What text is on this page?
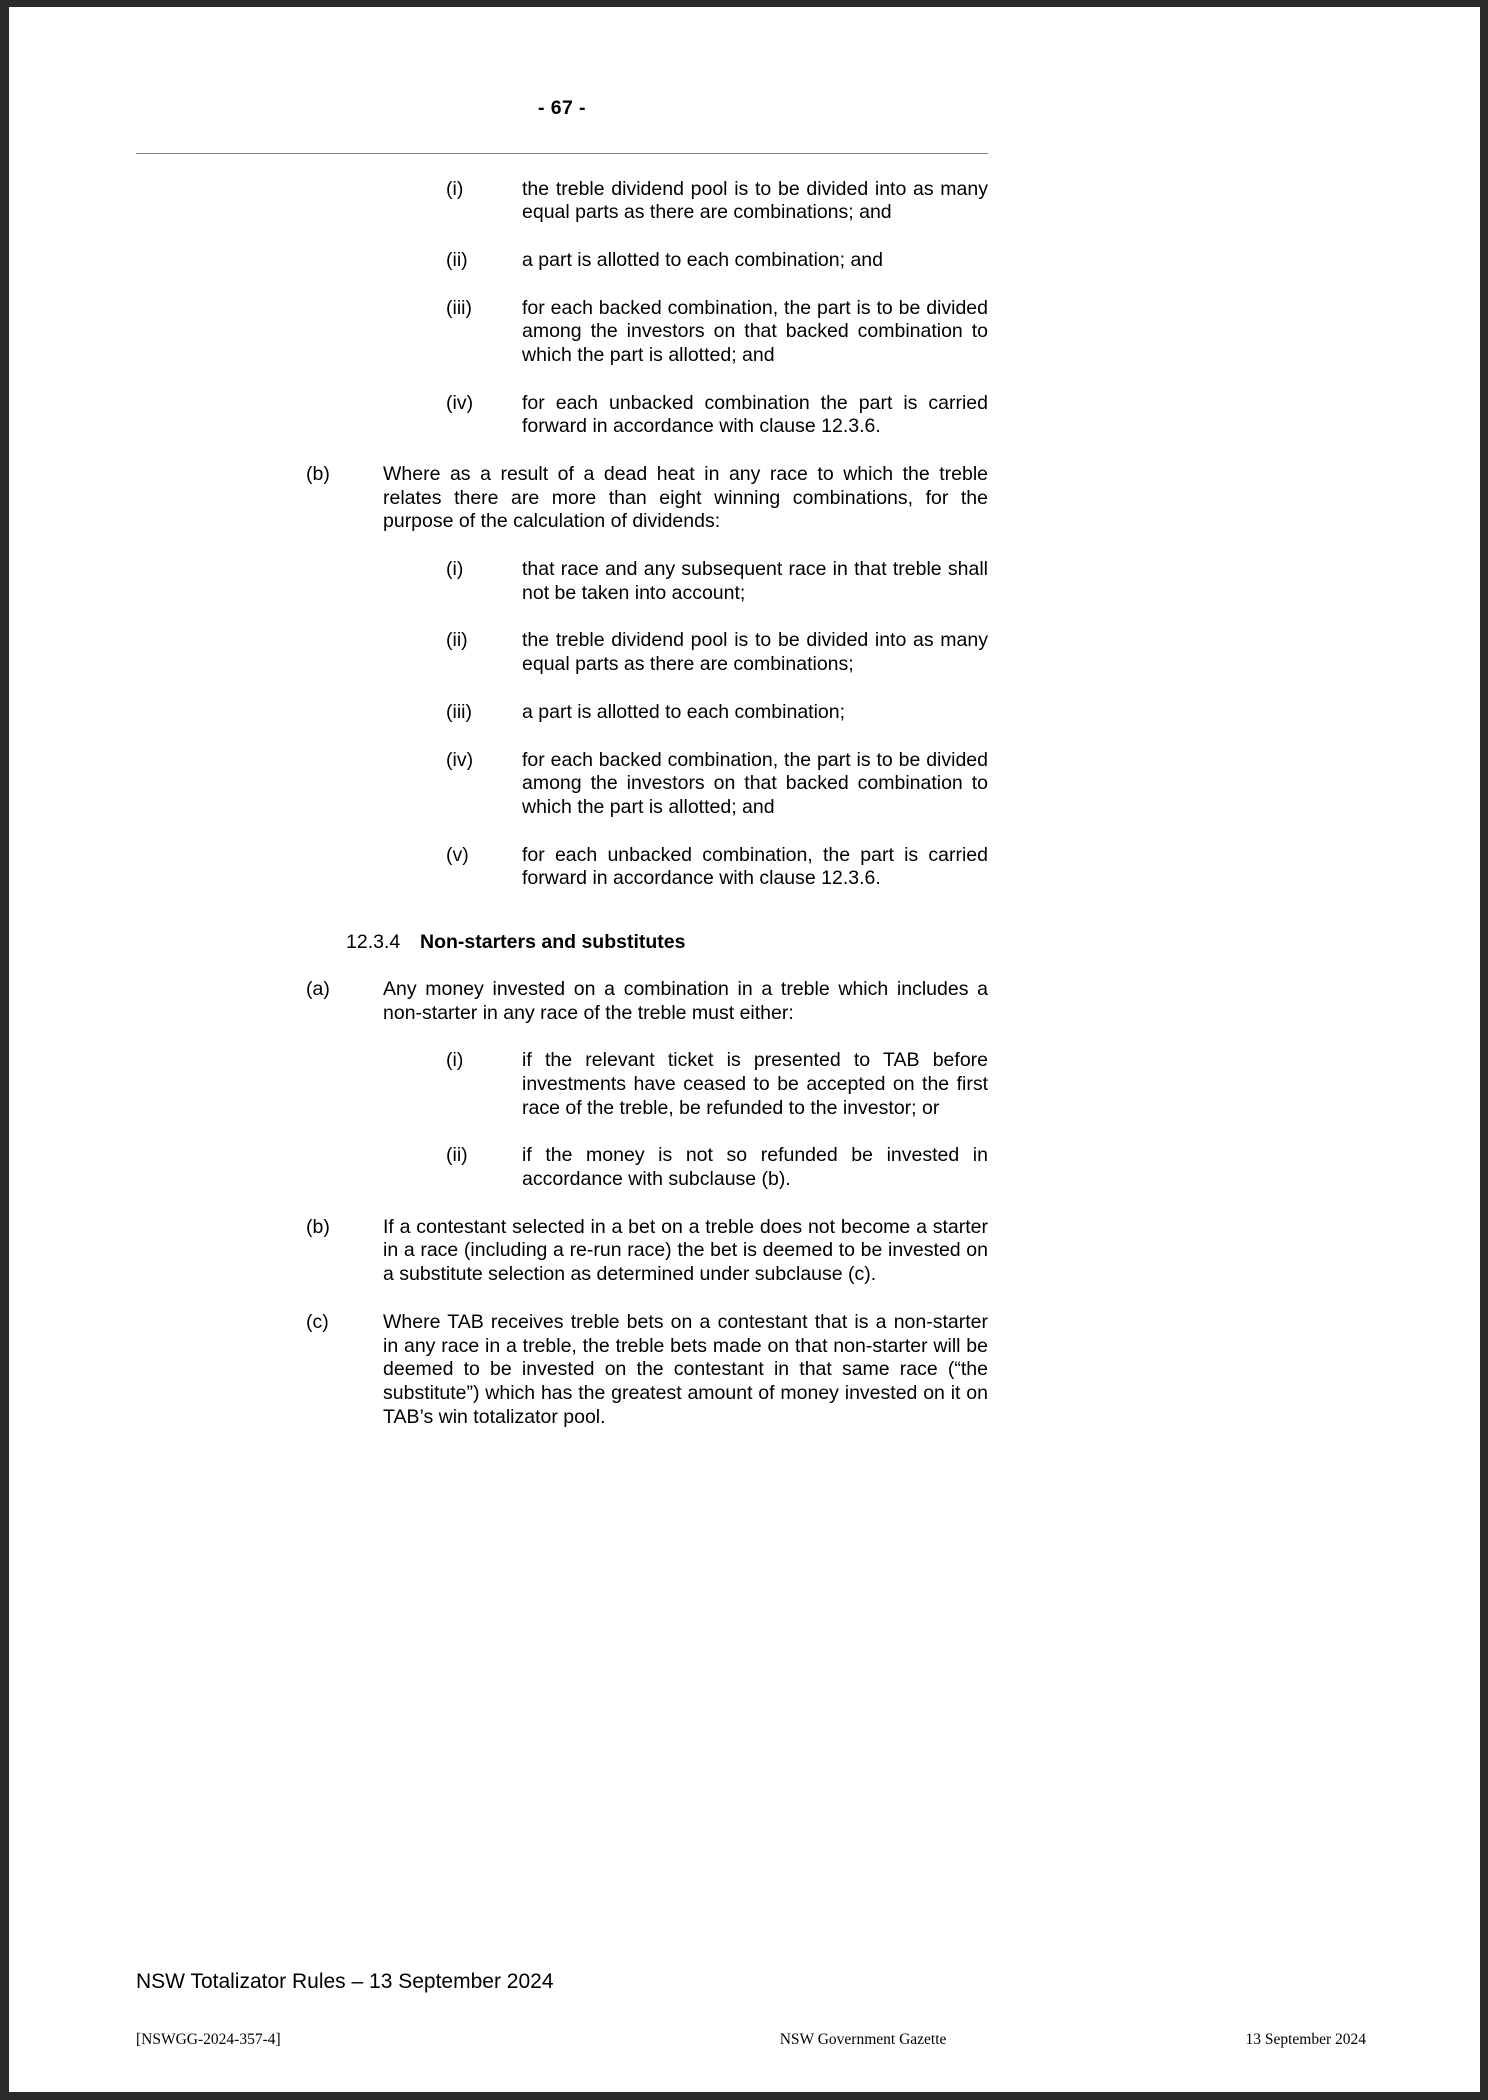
- 67 -
(i)	the treble dividend pool is to be divided into as many equal parts as there are combinations; and
(ii)	a part is allotted to each combination; and
(iii)	for each backed combination, the part is to be divided among the investors on that backed combination to which the part is allotted; and
(iv)	for each unbacked combination the part is carried forward in accordance with clause 12.3.6.
(b)	Where as a result of a dead heat in any race to which the treble relates there are more than eight winning combinations, for the purpose of the calculation of dividends:
(i)	that race and any subsequent race in that treble shall not be taken into account;
(ii)	the treble dividend pool is to be divided into as many equal parts as there are combinations;
(iii)	a part is allotted to each combination;
(iv)	for each backed combination, the part is to be divided among the investors on that backed combination to which the part is allotted; and
(v)	for each unbacked combination, the part is carried forward in accordance with clause 12.3.6.
12.3.4	Non-starters and substitutes
(a)	Any money invested on a combination in a treble which includes a non-starter in any race of the treble must either:
(i)	if the relevant ticket is presented to TAB before investments have ceased to be accepted on the first race of the treble, be refunded to the investor; or
(ii)	if the money is not so refunded be invested in accordance with subclause (b).
(b)	If a contestant selected in a bet on a treble does not become a starter in a race (including a re-run race) the bet is deemed to be invested on a substitute selection as determined under subclause (c).
(c)	Where TAB receives treble bets on a contestant that is a non-starter in any race in a treble, the treble bets made on that non-starter will be deemed to be invested on the contestant in that same race (“the substitute”) which has the greatest amount of money invested on it on TAB’s win totalizator pool.
NSW Totalizator Rules – 13 September 2024
[NSWGG-2024-357-4]	NSW Government Gazette	13 September 2024
